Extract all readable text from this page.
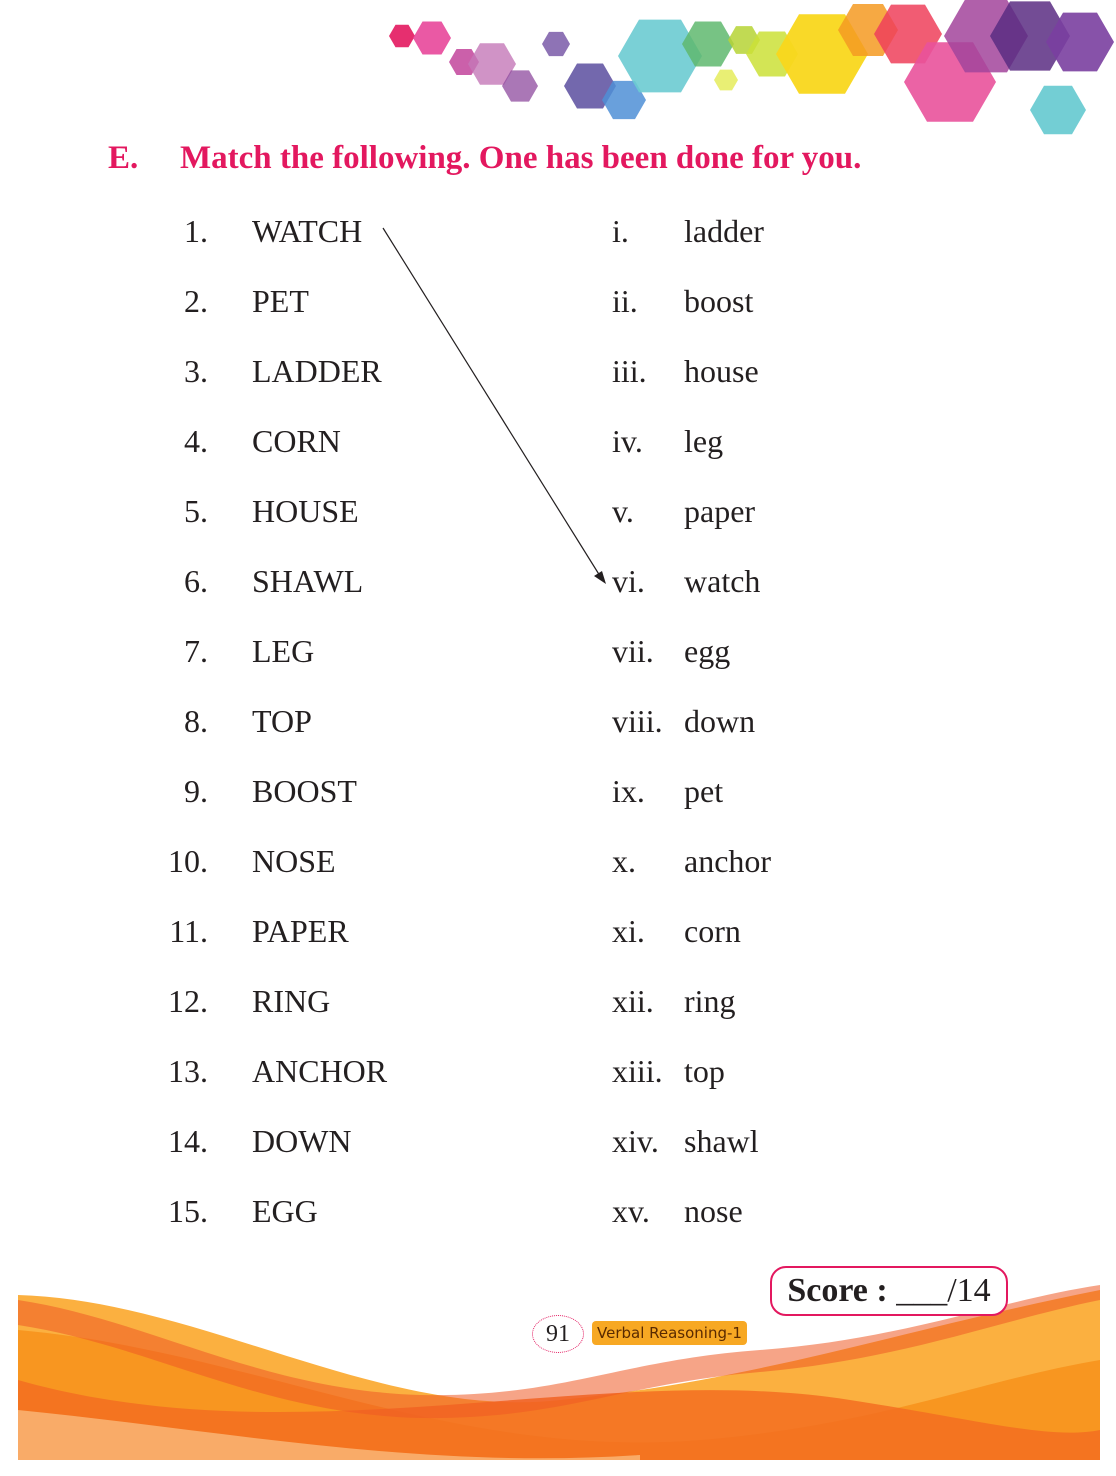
E. Match the following. One has been done for you.
1. WATCH	i. ladder
2. PET	ii. boost
3. LADDER	iii. house
4. CORN	iv. leg
5. HOUSE	v. paper
6. SHAWL	vi. watch
7. LEG	vii. egg
8. TOP	viii. down
9. BOOST	ix. pet
10. NOSE	x. anchor
11. PAPER	xi. corn
12. RING	xii. ring
13. ANCHOR	xiii. top
14. DOWN	xiv. shawl
15. EGG	xv. nose
Score : ___/14
91	Verbal Reasoning-1
